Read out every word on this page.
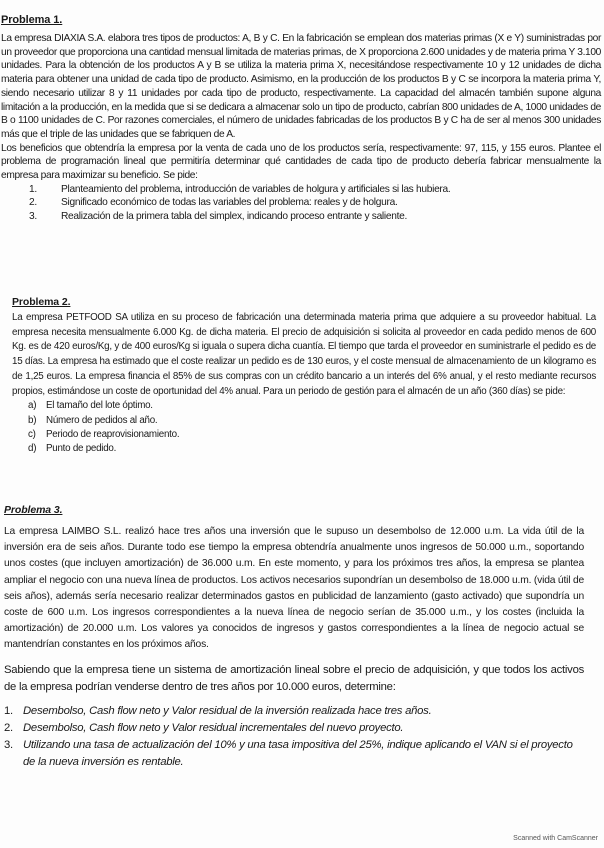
Problema 1.

La empresa DIAXIA S.A. elabora tres tipos de productos: A, B y C. En la fabricación se emplean dos materias primas (X e Y) suministradas por un proveedor que proporciona una cantidad mensual limitada de materias primas, de X proporciona 2.600 unidades y de materia prima Y 3.100 unidades. Para la obtención de los productos A y B se utiliza la materia prima X, necesitándose respectivamente 10 y 12 unidades de dicha materia para obtener una unidad de cada tipo de producto. Asimismo, en la producción de los productos B y C se incorpora la materia prima Y, siendo necesario utilizar 8 y 11 unidades por cada tipo de producto, respectivamente. La capacidad del almacén también supone alguna limitación a la producción, en la medida que si se dedicara a almacenar solo un tipo de producto, cabrían 800 unidades de A, 1000 unidades de B o 1100 unidades de C. Por razones comerciales, el número de unidades fabricadas de los productos B y C ha de ser al menos 300 unidades más que el triple de las unidades que se fabriquen de A.

Los beneficios que obtendría la empresa por la venta de cada uno de los productos sería, respectivamente: 97, 115, y 155 euros. Plantee el problema de programación lineal que permitiría determinar qué cantidades de cada tipo de producto debería fabricar mensualmente la empresa para maximizar su beneficio. Se pide:

1.	Planteamiento del problema, introducción de variables de holgura y artificiales si las hubiera.
2.	Significado económico de todas las variables del problema: reales y de holgura.
3.	Realización de la primera tabla del simplex, indicando proceso entrante y saliente.
Problema 2.

La empresa PETFOOD SA utiliza en su proceso de fabricación una determinada materia prima que adquiere a su proveedor habitual. La empresa necesita mensualmente 6.000 Kg. de dicha materia. El precio de adquisición si solicita al proveedor en cada pedido menos de 600 Kg. es de 420 euros/Kg, y de 400 euros/Kg si iguala o supera dicha cuantía. El tiempo que tarda el proveedor en suministrarle el pedido es de 15 días. La empresa ha estimado que el coste realizar un pedido es de 130 euros, y el coste mensual de almacenamiento de un kilogramo es de 1,25 euros. La empresa financia el 85% de sus compras con un crédito bancario a un interés del 6% anual, y el resto mediante recursos propios, estimándose un coste de oportunidad del 4% anual. Para un periodo de gestión para el almacén de un año (360 días) se pide:

a) El tamaño del lote óptimo.
b) Número de pedidos al año.
c)	Periodo de reaprovisionamiento.
d) Punto de pedido.
Problema 3.

La empresa LAIMBO S.L. realizó hace tres años una inversión que le supuso un desembolso de 12.000 u.m. La vida útil de la inversión era de seis años. Durante todo ese tiempo la empresa obtendría anualmente unos ingresos de 50.000 u.m., soportando unos costes (que incluyen amortización) de 36.000 u.m. En este momento, y para los próximos tres años, la empresa se plantea ampliar el negocio con una nueva línea de productos. Los activos necesarios supondrían un desembolso de 18.000 u.m. (vida útil de seis años), además sería necesario realizar determinados gastos en publicidad de lanzamiento (gasto activado) que supondría un coste de 600 u.m. Los ingresos correspondientes a la nueva línea de negocio serían de 35.000 u.m., y los costes (incluida la amortización) de 20.000 u.m. Los valores ya conocidos de ingresos y gastos correspondientes a la línea de negocio actual se mantendrían constantes en los próximos años.

Sabiendo que la empresa tiene un sistema de amortización lineal sobre el precio de adquisición, y que todos los activos de la empresa podrían venderse dentro de tres años por 10.000 euros, determine:

1. Desembolso, Cash flow neto y Valor residual de la inversión realizada hace tres años.
2. Desembolso, Cash flow neto y Valor residual incrementales del nuevo proyecto.
3. Utilizando una tasa de actualización del 10% y una tasa impositiva del 25%, indique aplicando el VAN si el proyecto de la nueva inversión es rentable.
Scanned with CamScanner
